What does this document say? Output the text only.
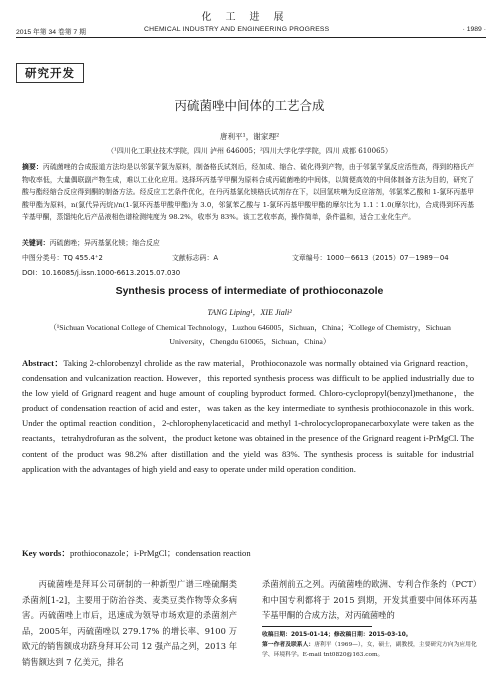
化工进展
2015 年第 34 卷第 7 期	CHEMICAL INDUSTRY AND ENGINEERING PROGRESS	· 1989 ·
研究开发
丙硫菌唑中间体的工艺合成
唐利平¹，谢家理²
（¹四川化工职业技术学院，四川 泸州 646005；²四川大学化学学院，四川 成都 610065）
摘要：丙硫菌唑的合成报道方法均是以邻氯苄氯为原料，制备格氏试剂后，经加成、缩合、硫化得到产物，由于邻氯苄氯反应活性高，得到的格氏产物收率低，大量偶联副产物生成，难以工业化应用。选择环丙基苄甲酮为原料合成丙硫菌唑的中间体，以简便高效的中间体制备方法为目的，研究了酸与酯经缩合反应得到酮的制备方法。经反应工艺条件优化，在丹丙基氯化镁格氏试剂存在下，以回氢呋喃为反应溶剂，邻氯苯乙酸和 1-氯环丙基甲酸甲酯为原料，n(氯代异丙烷)/n(1-氯环丙基甲酸甲酯)为 3.0，邻氯苯乙酸与 1-氯环丙基甲酸甲酯的摩尔比为 1.1∶1.0(摩尔比)，合成得到环丙基苄基甲酮，蒸馏纯化后产品液相色谱检测纯度为 98.2%，收率为 83%。该工艺收率高，操作简单，条件温和，适合工业化生产。
关键词：丙硫菌唑；异丙基氯化镁；缩合反应
中图分类号：TQ 455.4⁺2	文献标志码：A	文章编号：1000－6613（2015）07－1989－04
DOI：10.16085/j.issn.1000-6613.2015.07.030
Synthesis process of intermediate of prothioconazole
TANG Liping¹，XIE Jiali²
（¹Sichuan Vocational College of Chemical Technology，Luzhou 646005，Sichuan，China；²College of Chemistry，Sichuan University，Chengdu 610065，Sichuan，China）
Abstract：Taking 2-chlorobenzyl chrolide as the raw material，Prothioconazole was normally obtained via Grignard reaction，condensation and vulcanization reaction. However，this reported synthesis process was difficult to be applied industrially due to the low yield of Grignard reagent and huge amount of coupling byproduct formed. Chloro-cyclopropyl(benzyl)methanone，the product of condensation reaction of acid and ester，was taken as the key intermediate to synthesis prothioconazole in this work. Under the optimal reaction condition，2-chlorophenylaceticacid and methyl 1-chrolocyclopropanecarboxylate were taken as the reactants，tetrahydrofuran as the solvent，the product ketone was obtained in the presence of the Grignard reagent i-PrMgCl. The content of the product was 98.2% after distillation and the yield was 83%. The synthesis process is suitable for industrial application with the advantages of high yield and easy to operate under mild operation condition.
Key words：prothioconazole；i-PrMgCl；condensation reaction
丙硫菌唑是拜耳公司研制的一种新型广谱三唑硫酮类杀菌剂[1-2]，主要用于防治谷类、麦类豆类作物等众多病害。丙硫菌唑上市后，迅速成为领导市场欢迎的杀菌剂产品，2005年，丙硫菌唑以 279.17% 的增长率、9100 万欧元的销售额成功跻身拜耳公司 12 强产品之列，2013 年销售额达到 7 亿美元，排名
杀菌剂前五之列。丙硫菌唑的欧洲、专利合作条约（PCT）和中国专利都将于 2015 到期，开发其重要中间体环丙基苄基甲酮的合成方法，对丙硫菌唑的
收稿日期：2015-01-14；修改稿日期：2015-03-10。
第一作者及联系人：唐利平（1969—），女，硕士，副教授，主要研究方向为应用化学、环境科学。E-mail tnt0820@163.com。
